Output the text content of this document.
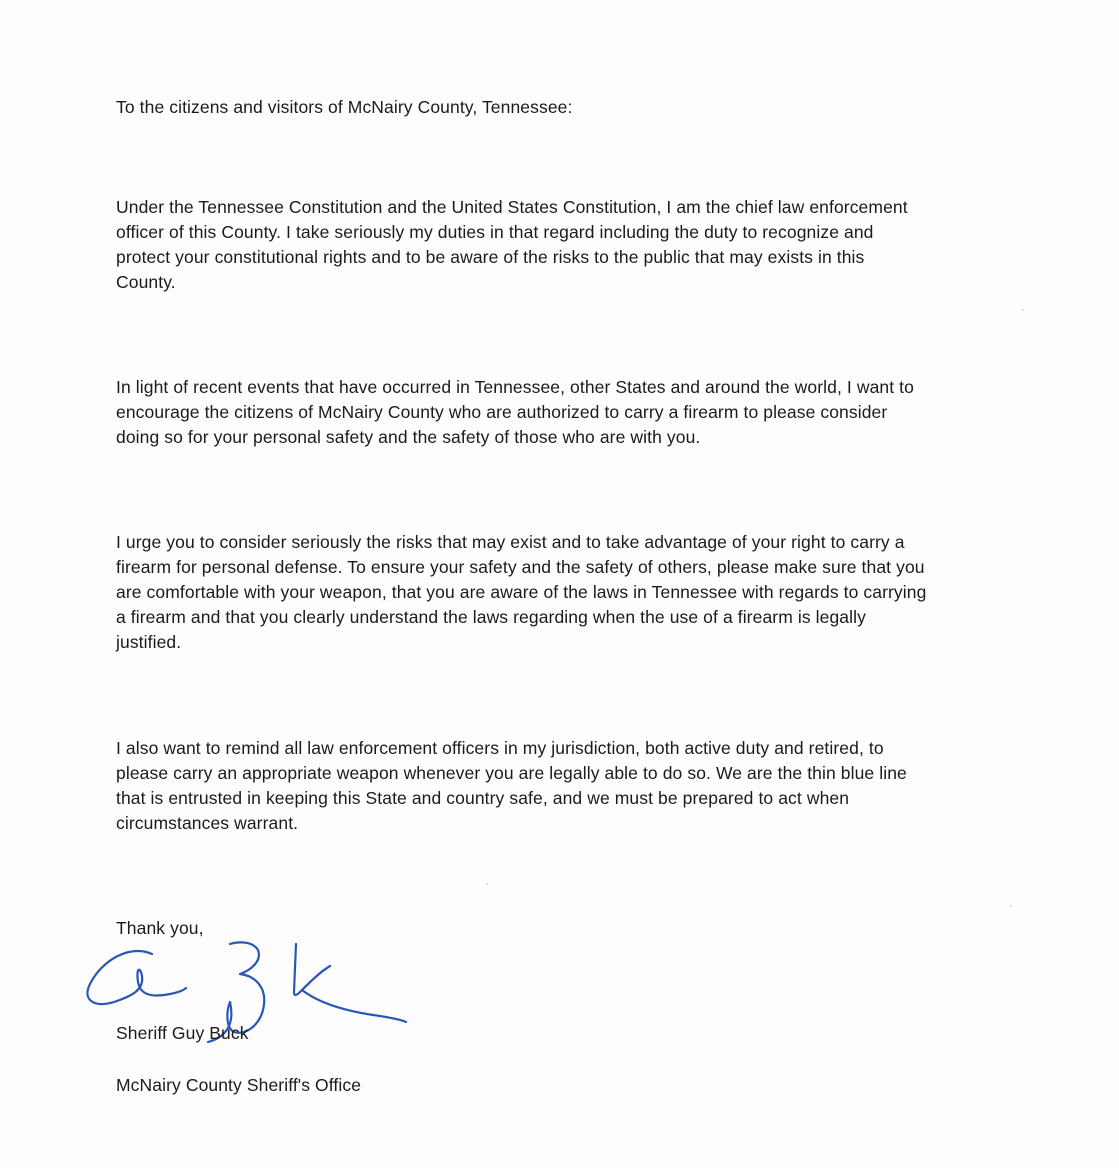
To the citizens and visitors of McNairy County, Tennessee:
Under the Tennessee Constitution and the United States Constitution, I am the chief law enforcement
officer of this County. I take seriously my duties in that regard including the duty to recognize and
protect your constitutional rights and to be aware of the risks to the public that may exists in this
County.
In light of recent events that have occurred in Tennessee, other States and around the world, I want to
encourage the citizens of McNairy County who are authorized to carry a firearm to please consider
doing so for your personal safety and the safety of those who are with you.
I urge you to consider seriously the risks that may exist and to take advantage of your right to carry a
firearm for personal defense. To ensure your safety and the safety of others, please make sure that you
are comfortable with your weapon, that you are aware of the laws in Tennessee with regards to carrying
a firearm and that you clearly understand the laws regarding when the use of a firearm is legally
justified.
I also want to remind all law enforcement officers in my jurisdiction, both active duty and retired, to
please carry an appropriate weapon whenever you are legally able to do so. We are the thin blue line
that is entrusted in keeping this State and country safe, and we must be prepared to act when
circumstances warrant.
Thank you,
Sheriff Guy Buck
McNairy County Sheriff's Office
